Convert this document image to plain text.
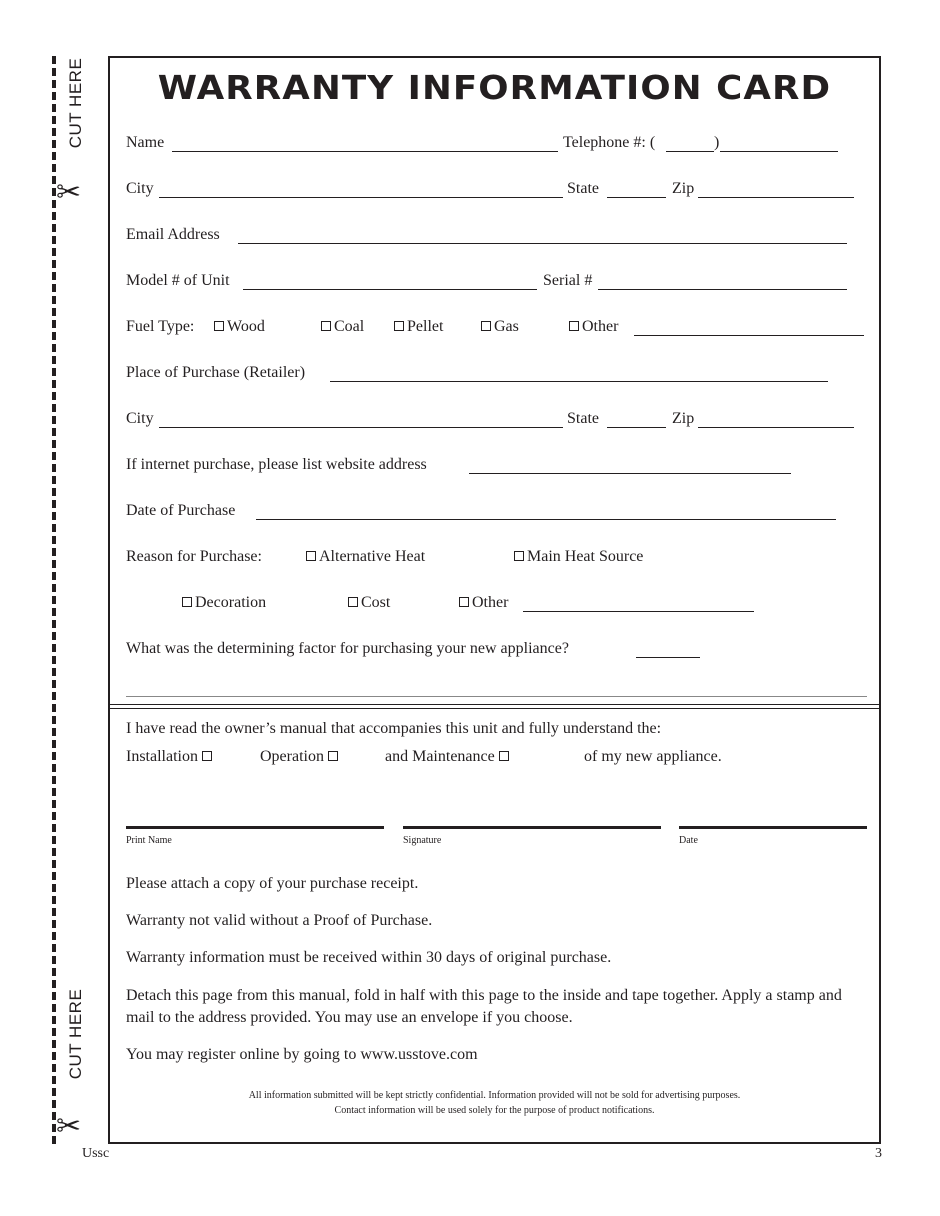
CUT HERE
✂
CUT HERE
✂
WARRANTY INFORMATION CARD
Name	Telephone #: (	)
City	State	Zip
Email Address
Model # of Unit	Serial #
Fuel Type:	Wood	Coal	Pellet	Gas	Other
Place of Purchase (Retailer)
City	State	Zip
If internet purchase, please list website address
Date of Purchase
Reason for Purchase:	Alternative Heat	Main Heat Source
Decoration	Cost	Other
What was the determining factor for purchasing your new appliance?
I have read the owner’s manual that accompanies this unit and fully understand the:
Installation	Operation	and Maintenance	of my new appliance.
Print Name	Signature	Date
Please attach a copy of your purchase receipt.
Warranty not valid without a Proof of Purchase.
Warranty information must be received within 30 days of original purchase.
Detach this page from this manual, fold in half with this page to the inside and tape together. Apply a stamp and mail to the address provided. You may use an envelope if you choose.
You may register online by going to www.usstove.com
All information submitted will be kept strictly confidential. Information provided will not be sold for advertising purposes.
Contact information will be used solely for the purpose of product notifications.
Ussc	3
